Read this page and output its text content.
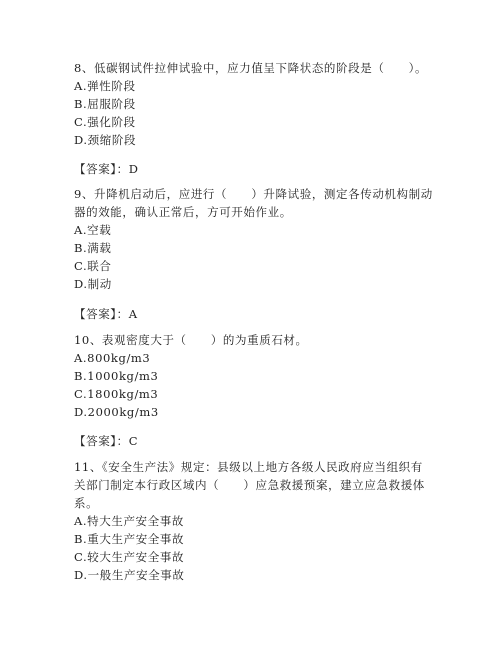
8、低碳钢试件拉伸试验中，应力值呈下降状态的阶段是（　　）。

A.弹性阶段
B.屈服阶段
C.强化阶段
D.颈缩阶段
【答案】：D

9、升降机启动后，应进行（　　）升降试验，测定各传动机构制动器的效能，确认正常后，方可开始作业。

A.空载
B.满载
C.联合
D.制动
【答案】：A

10、表观密度大于（　　）的为重质石材。

A.800kg/m3
B.1000kg/m3
C.1800kg/m3
D.2000kg/m3
【答案】：C

11、《安全生产法》规定：县级以上地方各级人民政府应当组织有关部门制定本行政区域内（　　）应急救援预案，建立应急救援体系。

A.特大生产安全事故
B.重大生产安全事故
C.较大生产安全事故
D.一般生产安全事故
